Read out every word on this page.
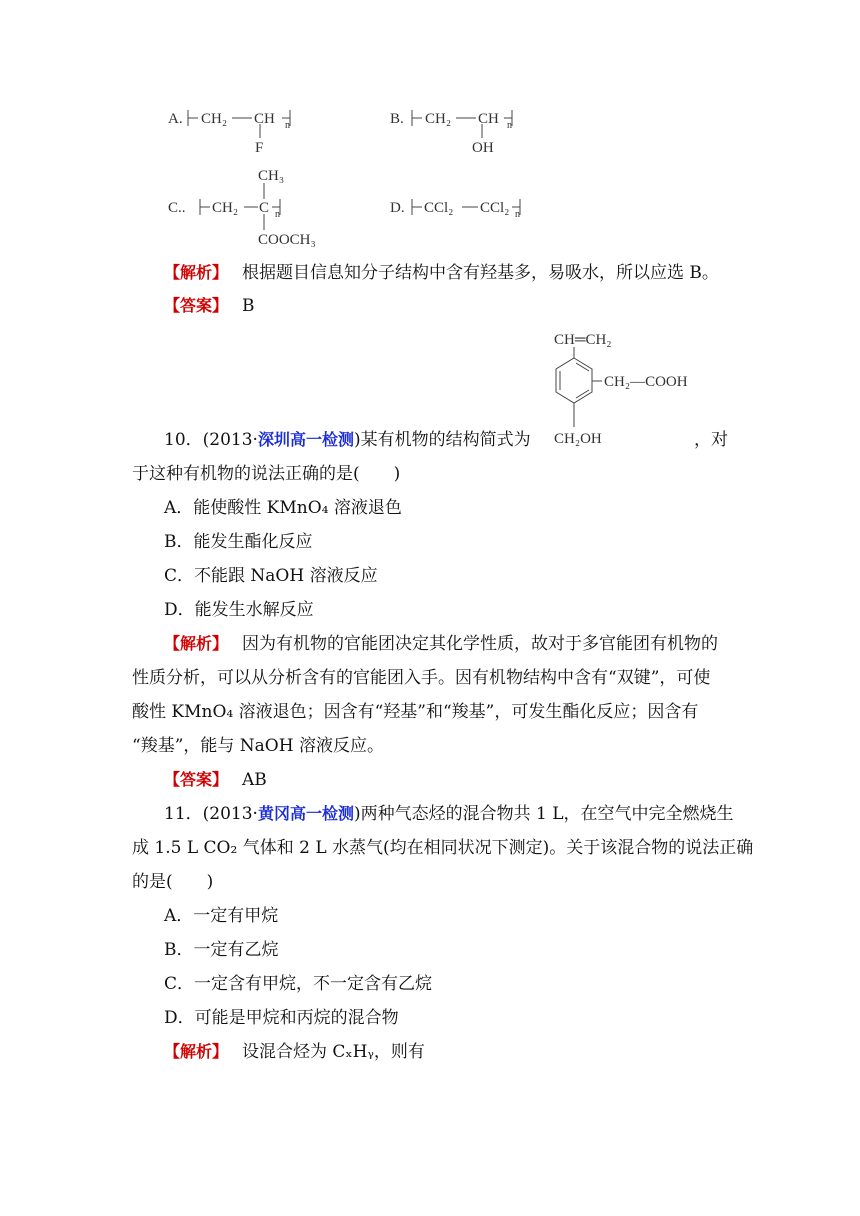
A. CH₂ CH n
F
B. CH₂ CH n
OH
CH₃
C.. CH₂ C n
COOCH₃
D. CCl₂ CCl₂ n
【解析】 根据题目信息知分子结构中含有羟基多，易吸水，所以应选 B。
【答案】 B
CH═CH₂
CH₂—COOH
CH₂OH
10．(2013·深圳高一检测)某有机物的结构简式为	，对
于这种有机物的说法正确的是(　　)
A．能使酸性 KMnO₄ 溶液退色
B．能发生酯化反应
C．不能跟 NaOH 溶液反应
D．能发生水解反应
【解析】 因为有机物的官能团决定其化学性质，故对于多官能团有机物的
性质分析，可以从分析含有的官能团入手。因有机物结构中含有“双键”，可使
酸性 KMnO₄ 溶液退色；因含有“羟基”和“羧基”，可发生酯化反应；因含有
“羧基”，能与 NaOH 溶液反应。
【答案】 AB
11．(2013·黄冈高一检测)两种气态烃的混合物共 1 L，在空气中完全燃烧生
成 1.5 L CO₂ 气体和 2 L 水蒸气(均在相同状况下测定)。关于该混合物的说法正确
的是(　　)
A．一定有甲烷
B．一定有乙烷
C．一定含有甲烷，不一定含有乙烷
D．可能是甲烷和丙烷的混合物
【解析】 设混合烃为 CₓHᵧ，则有
